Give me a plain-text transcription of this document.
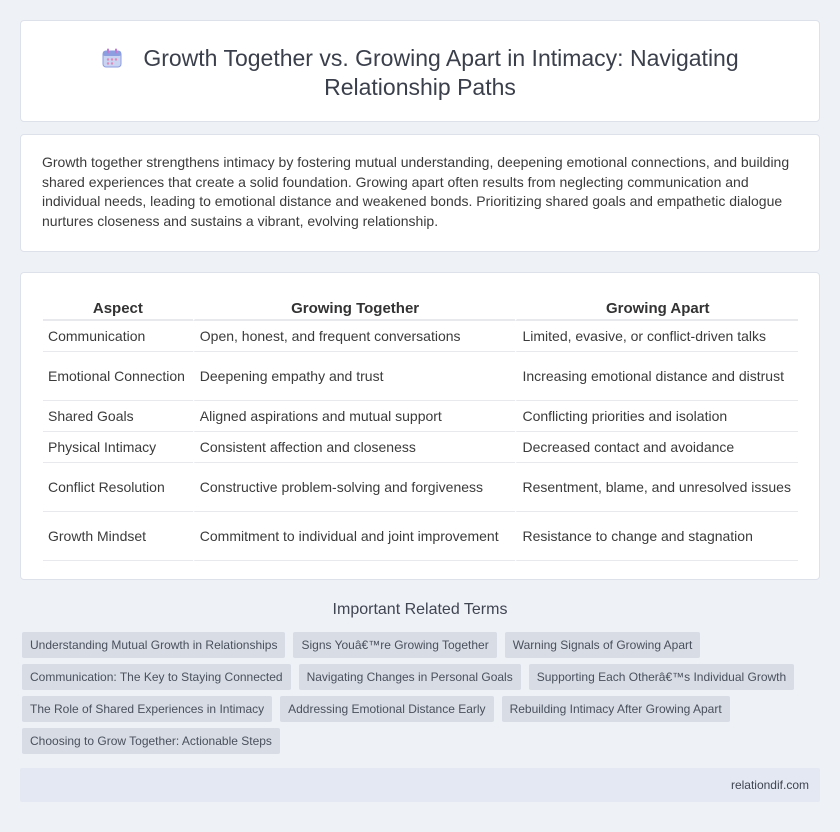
Growth Together vs. Growing Apart in Intimacy: Navigating
Relationship Paths

Growth together strengthens intimacy by fostering mutual understanding, deepening emotional connections, and building shared experiences that create a solid foundation. Growing apart often results from neglecting communication and individual needs, leading to emotional distance and weakened bonds. Prioritizing shared goals and empathetic dialogue nurtures closeness and sustains a vibrant, evolving relationship.

Aspect	Growing Together	Growing Apart
Communication	Open, honest, and frequent conversations	Limited, evasive, or conflict-driven talks
Emotional Connection	Deepening empathy and trust	Increasing emotional distance and distrust
Shared Goals	Aligned aspirations and mutual support	Conflicting priorities and isolation
Physical Intimacy	Consistent affection and closeness	Decreased contact and avoidance
Conflict Resolution	Constructive problem-solving and forgiveness	Resentment, blame, and unresolved issues
Growth Mindset	Commitment to individual and joint improvement	Resistance to change and stagnation
Important Related Terms
Understanding Mutual Growth in Relationships Signs Youâ€™re Growing Together Warning Signals of Growing Apart
Communication: The Key to Staying Connected Navigating Changes in Personal Goals Supporting Each Otherâ€™s Individual Growth
The Role of Shared Experiences in Intimacy Addressing Emotional Distance Early Rebuilding Intimacy After Growing Apart
Choosing to Grow Together: Actionable Steps
relationdif.com
